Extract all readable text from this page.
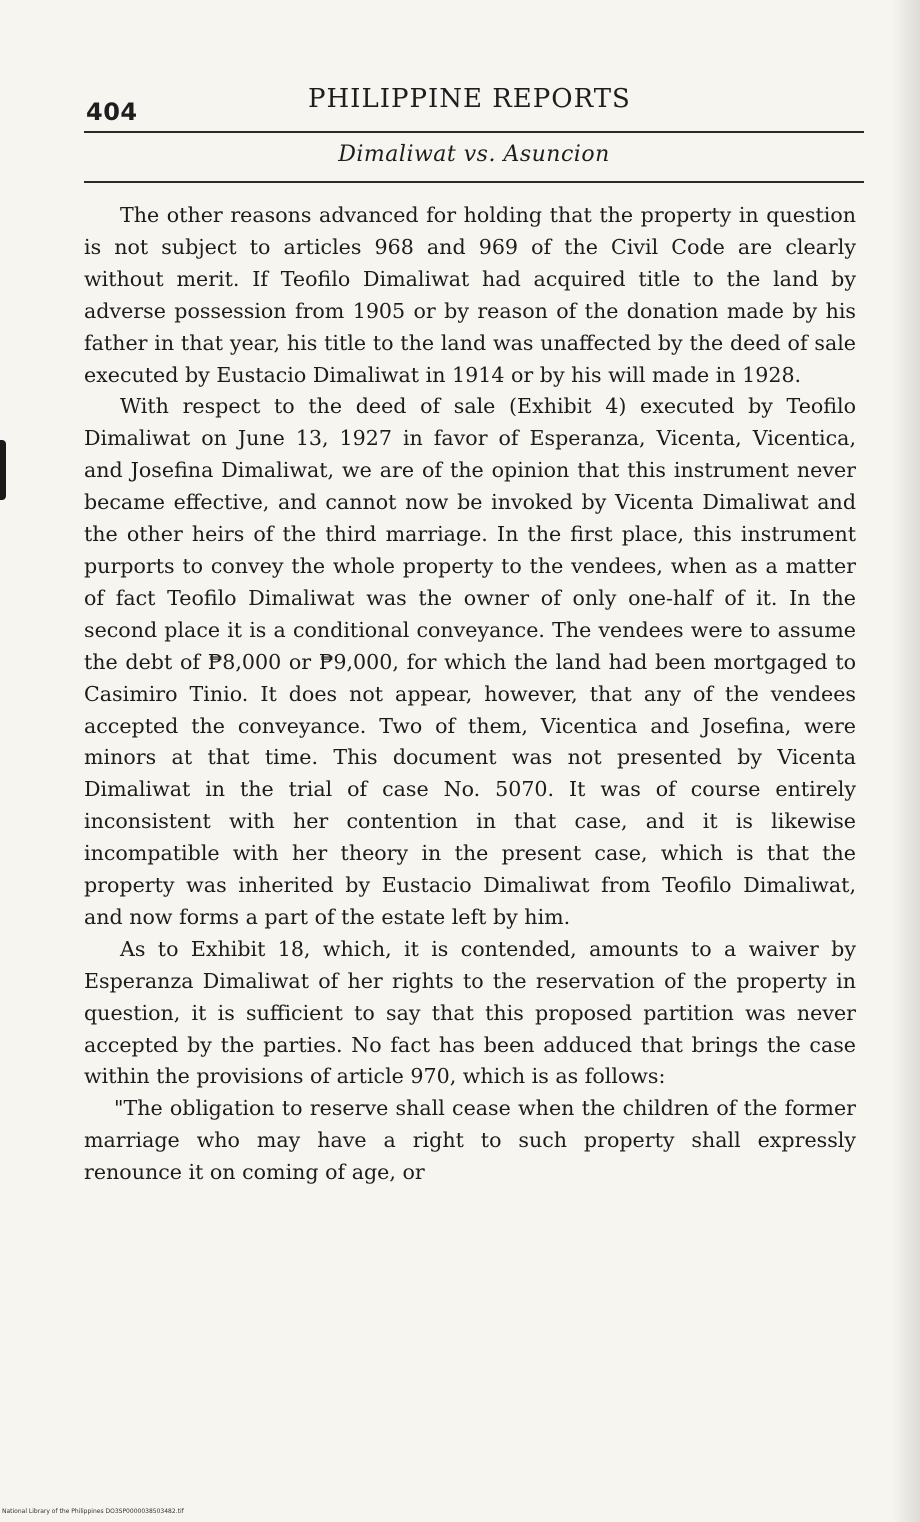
404	PHILIPPINE REPORTS
Dimaliwat vs. Asuncion

The other reasons advanced for holding that the property in question is not subject to articles 968 and 969 of the Civil Code are clearly without merit. If Teofilo Dimaliwat had acquired title to the land by adverse possession from 1905 or by reason of the donation made by his father in that year, his title to the land was unaffected by the deed of sale executed by Eustacio Dimaliwat in 1914 or by his will made in 1928.

With respect to the deed of sale (Exhibit 4) executed by Teofilo Dimaliwat on June 13, 1927 in favor of Esperanza, Vicenta, Vicentica, and Josefina Dimaliwat, we are of the opinion that this instrument never became effective, and cannot now be invoked by Vicenta Dimaliwat and the other heirs of the third marriage. In the first place, this instrument purports to convey the whole property to the vendees, when as a matter of fact Teofilo Dimaliwat was the owner of only one-half of it. In the second place it is a conditional conveyance. The vendees were to assume the debt of ₱8,000 or ₱9,000, for which the land had been mortgaged to Casimiro Tinio. It does not appear, however, that any of the vendees accepted the conveyance. Two of them, Vicentica and Josefina, were minors at that time. This document was not presented by Vicenta Dimaliwat in the trial of case No. 5070. It was of course entirely inconsistent with her contention in that case, and it is likewise incompatible with her theory in the present case, which is that the property was inherited by Eustacio Dimaliwat from Teofilo Dimaliwat, and now forms a part of the estate left by him.

As to Exhibit 18, which, it is contended, amounts to a waiver by Esperanza Dimaliwat of her rights to the reservation of the property in question, it is sufficient to say that this proposed partition was never accepted by the parties. No fact has been adduced that brings the case within the provisions of article 970, which is as follows:

"The obligation to reserve shall cease when the children of the former marriage who may have a right to such property shall expressly renounce it on coming of age, or

National Library of the Philippines DO3SP0000038503482.tif
